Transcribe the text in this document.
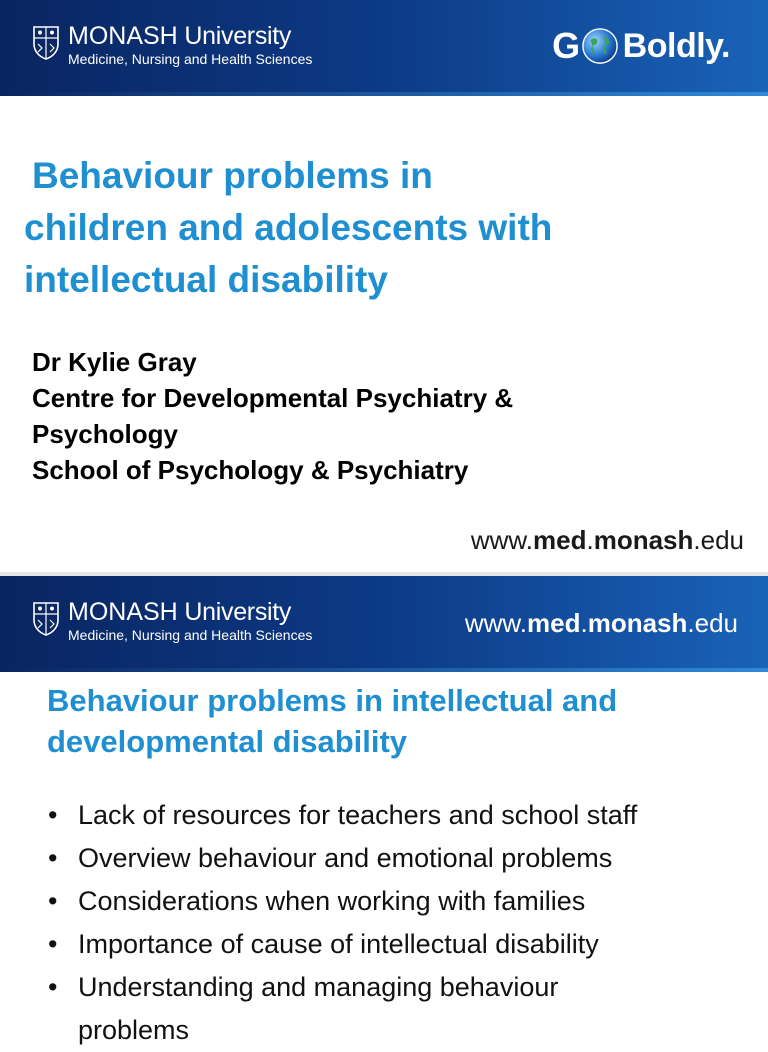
MONASH University
Medicine, Nursing and Health Sciences	G Boldly.
Behaviour problems in
children and adolescents with
intellectual disability
Dr Kylie Gray
Centre for Developmental Psychiatry &
Psychology
School of Psychology & Psychiatry
www.med.monash.edu
MONASH University
Medicine, Nursing and Health Sciences	www.med.monash.edu
Behaviour problems in intellectual and
developmental disability
• Lack of resources for teachers and school staff
• Overview behaviour and emotional problems
• Considerations when working with families
• Importance of cause of intellectual disability
• Understanding and managing behaviour
problems
